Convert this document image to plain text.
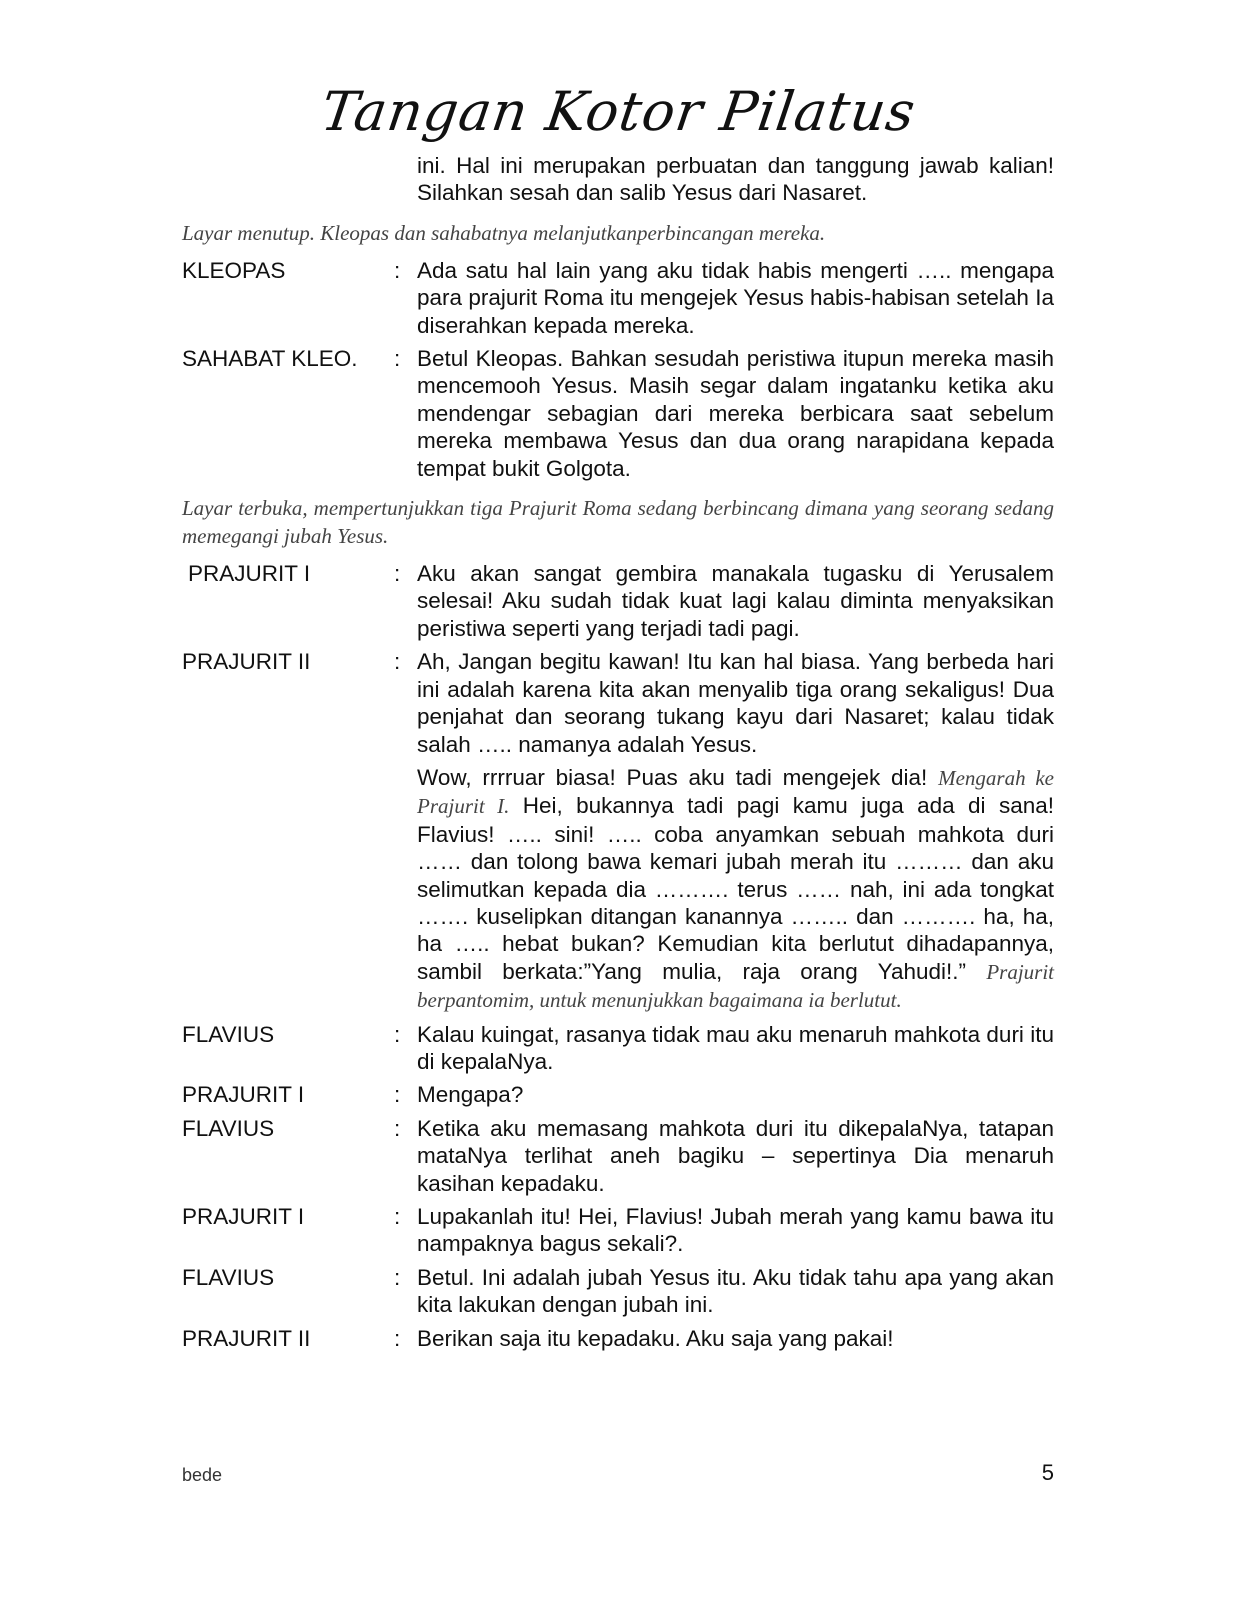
Tangan Kotor Pilatus
ini. Hal ini merupakan perbuatan dan tanggung jawab kalian! Silahkan sesah dan salib Yesus dari Nasaret.
Layar menutup. Kleopas dan sahabatnya melanjutkanperbincangan mereka.
KLEOPAS	: Ada satu hal lain yang aku tidak habis mengerti ….. mengapa para prajurit Roma itu mengejek Yesus habis-habisan setelah Ia diserahkan kepada mereka.
SAHABAT KLEO.	: Betul Kleopas. Bahkan sesudah peristiwa itupun mereka masih mencemooh Yesus. Masih segar dalam ingatanku ketika aku mendengar sebagian dari mereka berbicara saat sebelum mereka membawa Yesus dan dua orang narapidana kepada tempat bukit Golgota.
Layar terbuka, mempertunjukkan tiga Prajurit Roma sedang berbincang dimana yang seorang sedang memegangi jubah Yesus.
PRAJURIT I	: Aku akan sangat gembira manakala tugasku di Yerusalem selesai! Aku sudah tidak kuat lagi kalau diminta menyaksikan peristiwa seperti yang terjadi tadi pagi.
PRAJURIT II	: Ah, Jangan begitu kawan! Itu kan hal biasa. Yang berbeda hari ini adalah karena kita akan menyalib tiga orang sekaligus! Dua penjahat dan seorang tukang kayu dari Nasaret; kalau tidak salah ….. namanya adalah Yesus.
Wow, rrrruar biasa! Puas aku tadi mengejek dia! Mengarah ke Prajurit I. Hei, bukannya tadi pagi kamu juga ada di sana! Flavius! ….. sini! ….. coba anyamkan sebuah mahkota duri …… dan tolong bawa kemari jubah merah itu ……… dan aku selimutkan kepada dia ………. terus …… nah, ini ada tongkat ……. kuselipkan ditangan kanannya …….. dan ………. ha, ha, ha ….. hebat bukan? Kemudian kita berlutut dihadapannya, sambil berkata:”Yang mulia, raja orang Yahudi!.” Prajurit berpantomim, untuk menunjukkan bagaimana ia berlutut.
FLAVIUS	: Kalau kuingat, rasanya tidak mau aku menaruh mahkota duri itu di kepalaNya.
PRAJURIT I	: Mengapa?
FLAVIUS	: Ketika aku memasang mahkota duri itu dikepalaNya, tatapan mataNya terlihat aneh bagiku – sepertinya Dia menaruh kasihan kepadaku.
PRAJURIT I	: Lupakanlah itu! Hei, Flavius! Jubah merah yang kamu bawa itu nampaknya bagus sekali?.
FLAVIUS	: Betul. Ini adalah jubah Yesus itu. Aku tidak tahu apa yang akan kita lakukan dengan jubah ini.
PRAJURIT II	: Berikan saja itu kepadaku. Aku saja yang pakai!
bede	5
